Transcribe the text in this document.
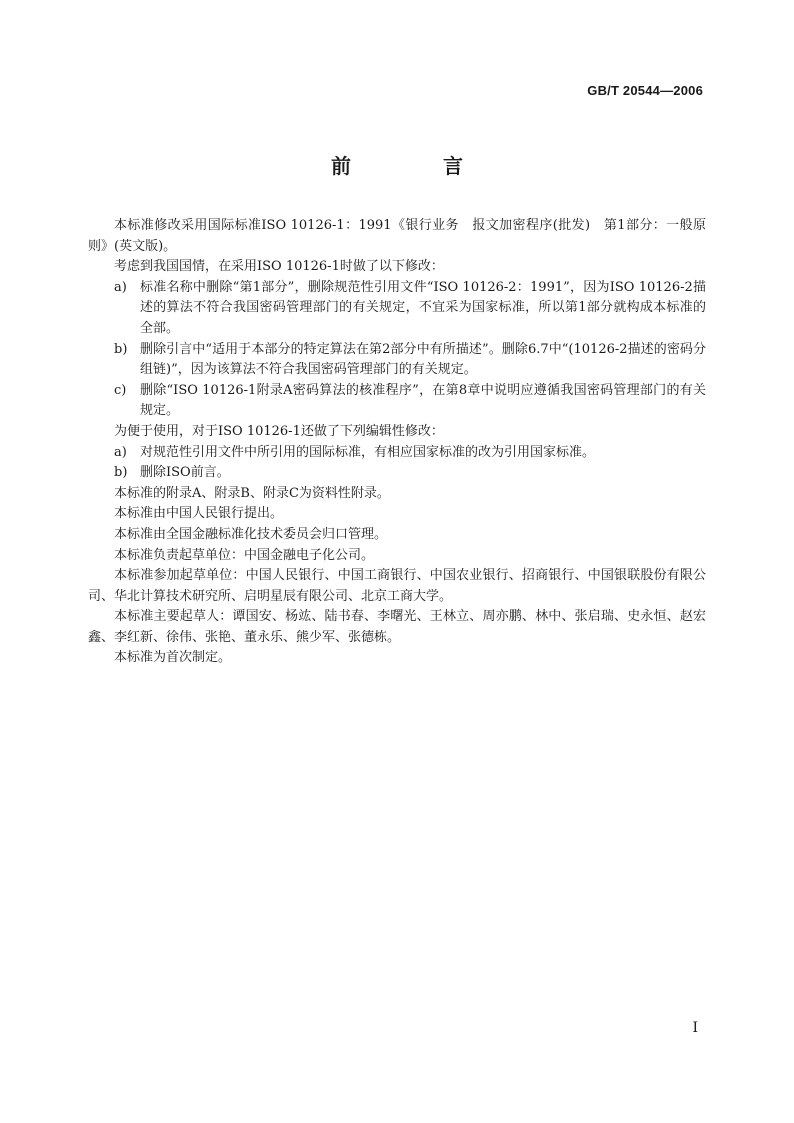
GB/T 20544—2006
前　言

本标准修改采用国际标准ISO 10126-1：1991《银行业务　报文加密程序(批发)　第1部分：一般原则》(英文版)。

考虑到我国国情，在采用ISO 10126-1时做了以下修改：

a)	标准名称中删除“第1部分”，删除规范性引用文件“ISO 10126-2：1991”，因为ISO 10126-2描述的算法不符合我国密码管理部门的有关规定，不宜采为国家标准，所以第1部分就构成本标准的全部。
b) 删除引言中“适用于本部分的特定算法在第2部分中有所描述”。删除6.7中“(10126-2描述的密码分组链)”，因为该算法不符合我国密码管理部门的有关规定。
c)	删除“ISO 10126-1附录A密码算法的核准程序”，在第8章中说明应遵循我国密码管理部门的有关规定。

为便于使用，对于ISO 10126-1还做了下列编辑性修改：

a)	对规范性引用文件中所引用的国际标准，有相应国家标准的改为引用国家标准。
b) 删除ISO前言。

本标准的附录A、附录B、附录C为资料性附录。

本标准由中国人民银行提出。

本标准由全国金融标准化技术委员会归口管理。

本标准负责起草单位：中国金融电子化公司。

本标准参加起草单位：中国人民银行、中国工商银行、中国农业银行、招商银行、中国银联股份有限公司、华北计算技术研究所、启明星辰有限公司、北京工商大学。

本标准主要起草人：谭国安、杨竑、陆书春、李曙光、王林立、周亦鹏、林中、张启瑞、史永恒、赵宏鑫、李红新、徐伟、张艳、董永乐、熊少军、张德栋。

本标准为首次制定。

I
